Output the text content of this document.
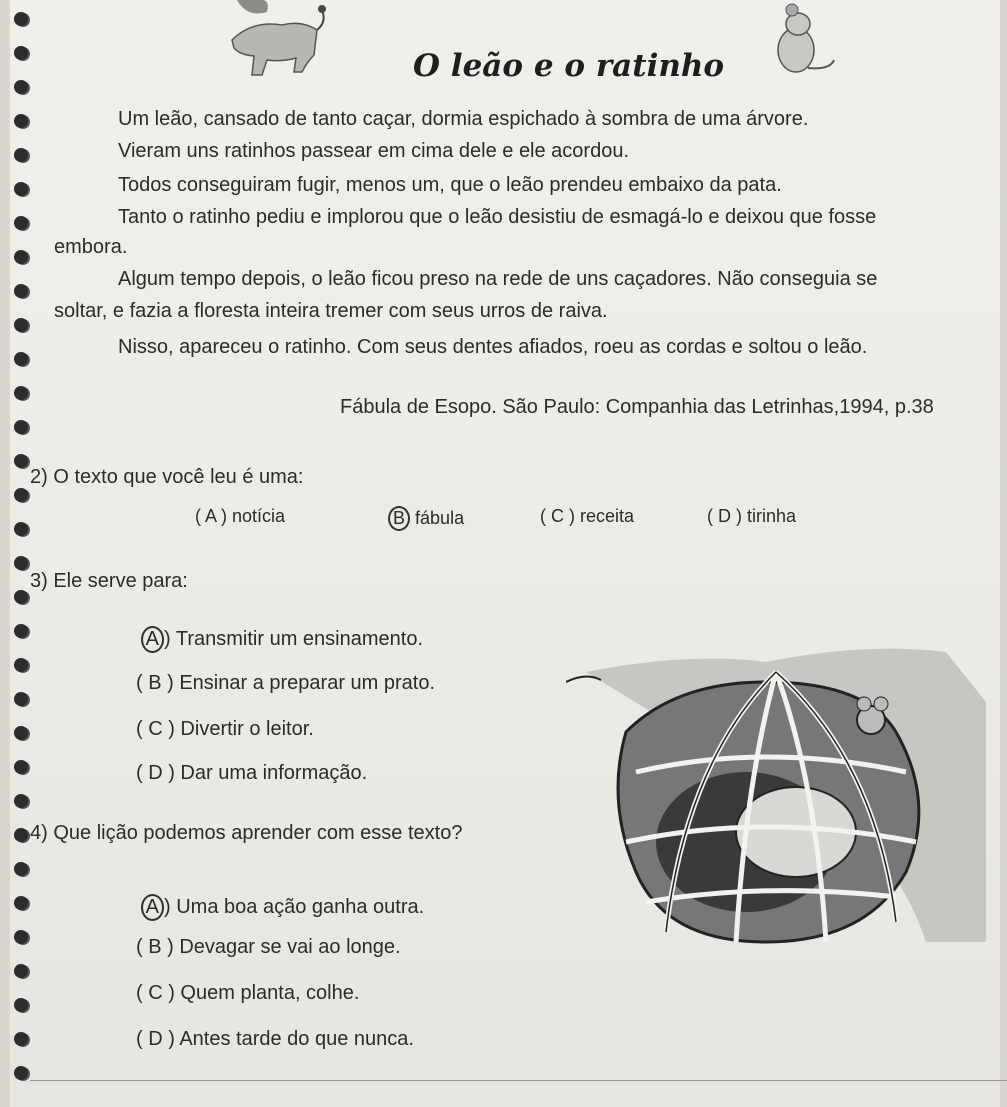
O leão e o ratinho
Um leão, cansado de tanto caçar, dormia espichado à sombra de uma árvore.
Vieram uns ratinhos passear em cima dele e ele acordou.
Todos conseguiram fugir, menos um, que o leão prendeu embaixo da pata.
Tanto o ratinho pediu e implorou que o leão desistiu de esmagá-lo e deixou que fosse
embora.
Algum tempo depois, o leão ficou preso na rede de uns caçadores. Não conseguia se
soltar, e fazia a floresta inteira tremer com seus urros de raiva.
Nisso, apareceu o ratinho. Com seus dentes afiados, roeu as cordas e soltou o leão.
Fábula de Esopo. São Paulo: Companhia das Letrinhas,1994, p.38
2) O texto que você leu é uma:
( A ) notícia	B fábula	( C ) receita	( D ) tirinha
3) Ele serve para:
(A ) Transmitir um ensinamento.
( B ) Ensinar a preparar um prato.
( C ) Divertir o leitor.
( D ) Dar uma informação.
4) Que lição podemos aprender com esse texto?
(A ) Uma boa ação ganha outra.
( B ) Devagar se vai ao longe.
( C ) Quem planta, colhe.
( D ) Antes tarde do que nunca.
